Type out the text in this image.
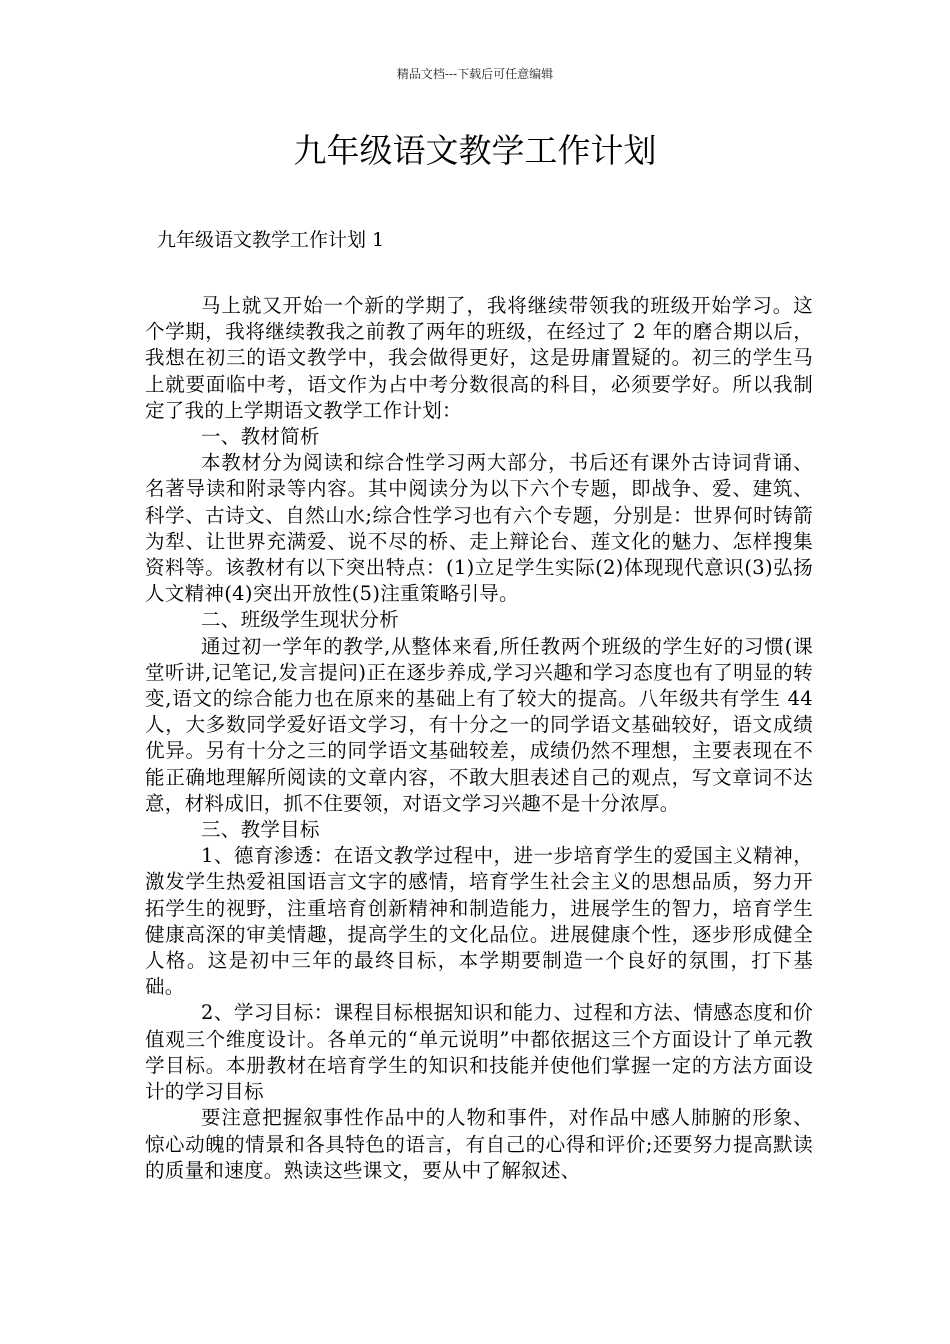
精品文档---下载后可任意编辑
九年级语文教学工作计划
九年级语文教学工作计划 1

马上就又开始一个新的学期了，我将继续带领我的班级开始学习。这个学期，我将继续教我之前教了两年的班级，在经过了 2 年的磨合期以后，我想在初三的语文教学中，我会做得更好，这是毋庸置疑的。初三的学生马上就要面临中考，语文作为占中考分数很高的科目，必须要学好。所以我制定了我的上学期语文教学工作计划：

一、教材简析

本教材分为阅读和综合性学习两大部分，书后还有课外古诗词背诵、名著导读和附录等内容。其中阅读分为以下六个专题，即战争、爱、建筑、科学、古诗文、自然山水;综合性学习也有六个专题，分别是：世界何时铸箭为犁、让世界充满爱、说不尽的桥、走上辩论台、莲文化的魅力、怎样搜集资料等。该教材有以下突出特点：(1)立足学生实际(2)体现现代意识(3)弘扬人文精神(4)突出开放性(5)注重策略引导。

二、班级学生现状分析

通过初一学年的教学,从整体来看,所任教两个班级的学生好的习惯(课堂听讲,记笔记,发言提问)正在逐步养成,学习兴趣和学习态度也有了明显的转变,语文的综合能力也在原来的基础上有了较大的提高。八年级共有学生 44 人，大多数同学爱好语文学习，有十分之一的同学语文基础较好，语文成绩优异。另有十分之三的同学语文基础较差，成绩仍然不理想，主要表现在不能正确地理解所阅读的文章内容，不敢大胆表述自己的观点，写文章词不达意，材料成旧，抓不住要领，对语文学习兴趣不是十分浓厚。

三、教学目标

1、德育渗透：在语文教学过程中，进一步培育学生的爱国主义精神，激发学生热爱祖国语言文字的感情，培育学生社会主义的思想品质，努力开拓学生的视野，注重培育创新精神和制造能力，进展学生的智力，培育学生健康高深的审美情趣，提高学生的文化品位。进展健康个性，逐步形成健全人格。这是初中三年的最终目标，本学期要制造一个良好的氛围，打下基础。

2、学习目标：课程目标根据知识和能力、过程和方法、情感态度和价值观三个维度设计。各单元的“单元说明”中都依据这三个方面设计了单元教学目标。本册教材在培育学生的知识和技能并使他们掌握一定的方法方面设计的学习目标

要注意把握叙事性作品中的人物和事件，对作品中感人肺腑的形象、惊心动魄的情景和各具特色的语言，有自己的心得和评价;还要努力提高默读的质量和速度。熟读这些课文，要从中了解叙述、
